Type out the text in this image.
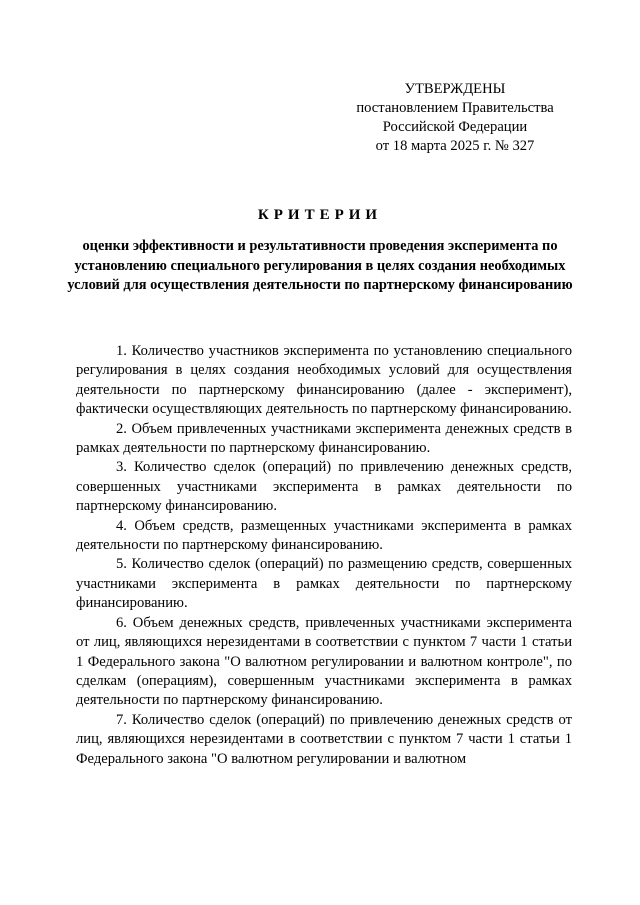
УТВЕРЖДЕНЫ
постановлением Правительства
Российской Федерации
от 18 марта 2025 г. № 327
КРИТЕРИИ
оценки эффективности и результативности проведения эксперимента по установлению специального регулирования в целях создания необходимых условий для осуществления деятельности по партнерскому финансированию

1. Количество участников эксперимента по установлению специального регулирования в целях создания необходимых условий для осуществления деятельности по партнерскому финансированию (далее - эксперимент), фактически осуществляющих деятельность по партнерскому финансированию.

2. Объем привлеченных участниками эксперимента денежных средств в рамках деятельности по партнерскому финансированию.

3. Количество сделок (операций) по привлечению денежных средств, совершенных участниками эксперимента в рамках деятельности по партнерскому финансированию.

4. Объем средств, размещенных участниками эксперимента в рамках деятельности по партнерскому финансированию.

5. Количество сделок (операций) по размещению средств, совершенных участниками эксперимента в рамках деятельности по партнерскому финансированию.

6. Объем денежных средств, привлеченных участниками эксперимента от лиц, являющихся нерезидентами в соответствии с пунктом 7 части 1 статьи 1 Федерального закона "О валютном регулировании и валютном контроле", по сделкам (операциям), совершенным участниками эксперимента в рамках деятельности по партнерскому финансированию.

7. Количество сделок (операций) по привлечению денежных средств от лиц, являющихся нерезидентами в соответствии с пунктом 7 части 1 статьи 1 Федерального закона "О валютном регулировании и валютном
